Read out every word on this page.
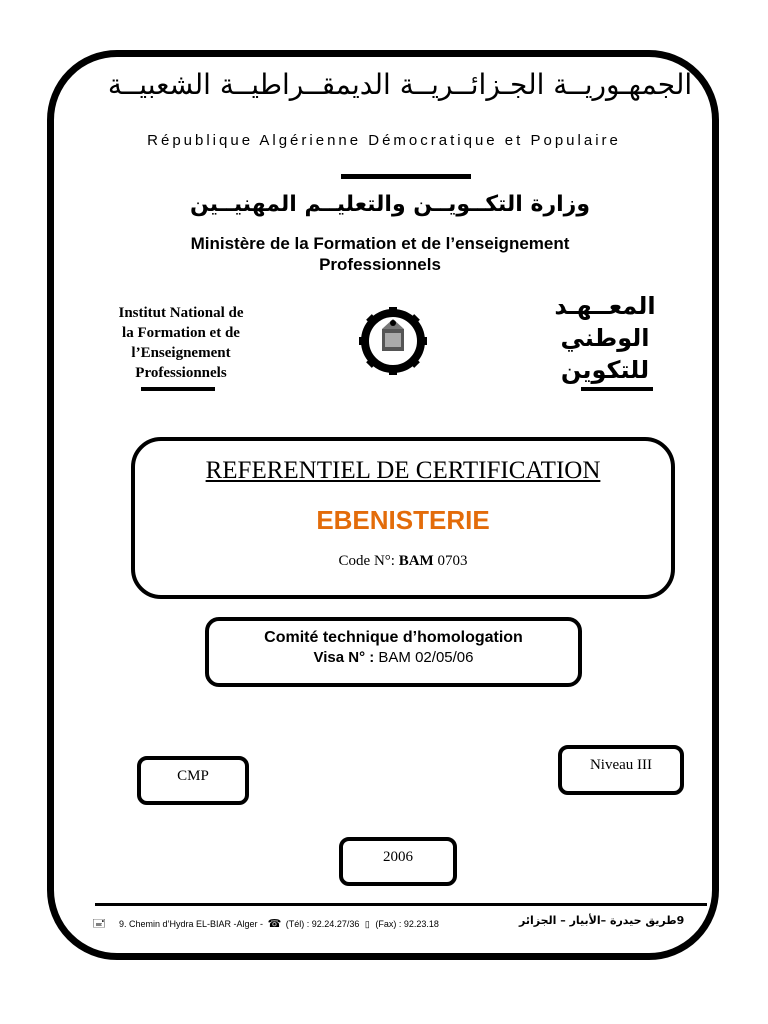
الجمهـوريــة الجـزائــريــة الديمقــراطيــة الشعبيــة
République Algérienne Démocratique et Populaire
وزارة التكــويــن والتعليــم المهنيــين
Ministère de la Formation et de l’enseignement
Professionnels
Institut National de
la Formation et de
l’Enseignement
Professionnels
المعــهـد
الوطني
للتكوين
REFERENTIEL DE CERTIFICATION
EBENISTERIE
Code N°: BAM 0703
Comité technique d’homologation
Visa N° : BAM 02/05/06
CMP
Niveau III
2006
🖃 9. Chemin d’Hydra EL-BIAR -Alger - ☎ (Tél) : 92.24.27/36 ▯ (Fax) : 92.23.18	9طريق حيدرة –الأبيار – الجزائر
